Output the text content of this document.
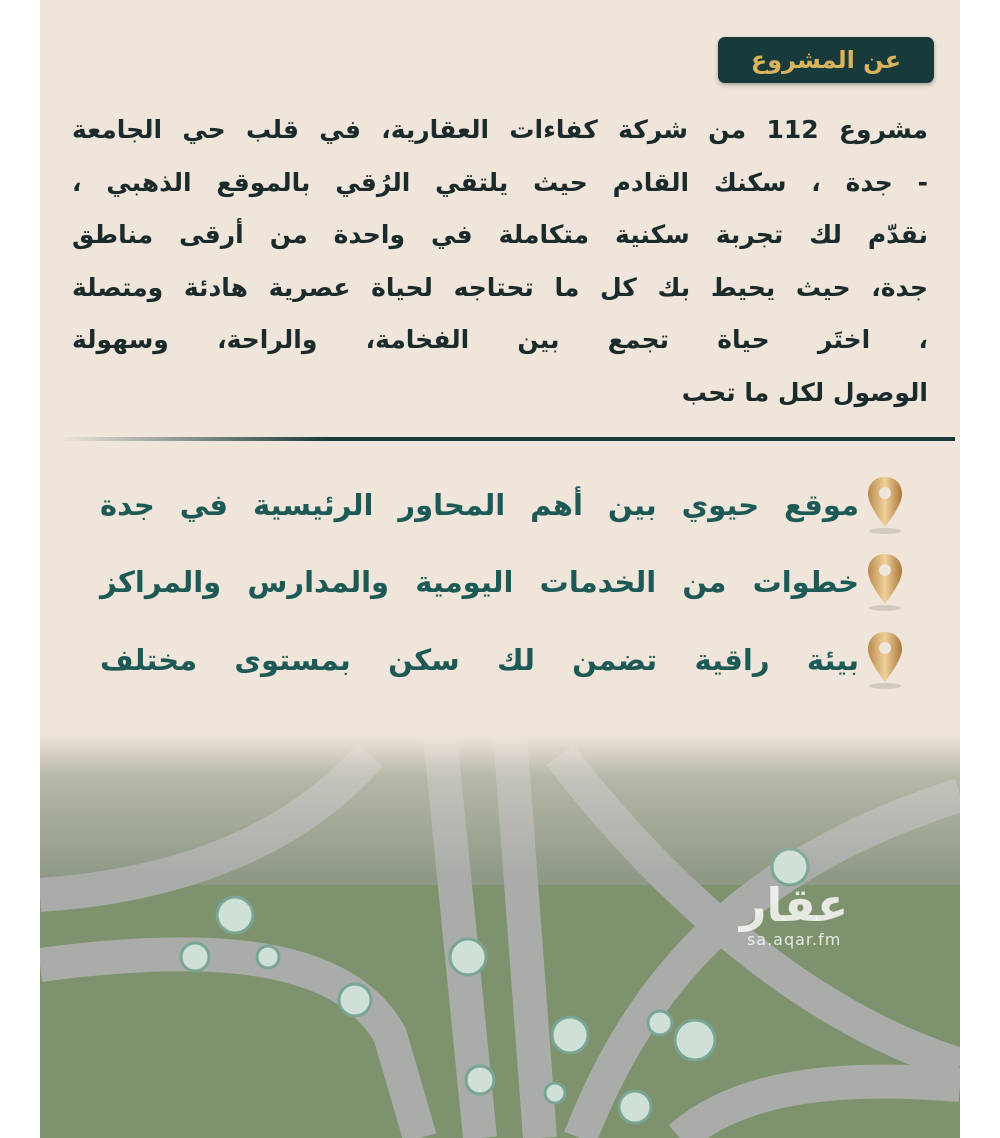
عن المشروع
مشروع 112 من شركة كفاءات العقارية، في قلب حي الجامعة
- جدة ، سكنك القادم حيث يلتقي الرُقي بالموقع الذهبي ،
نقدّم لك تجربة سكنية متكاملة في واحدة من أرقى مناطق
جدة، حيث يحيط بك كل ما تحتاجه لحياة عصرية هادئة ومتصلة
، اختَر حياة تجمع بين الفخامة، والراحة، وسهولة
الوصول لكل ما تحب
موقع حيوي بين أهم المحاور الرئيسية في جدة
خطوات من الخدمات اليومية والمدارس والمراكز
بيئة راقية تضمن لك سكن بمستوى مختلف
عقار
sa.aqar.fm
